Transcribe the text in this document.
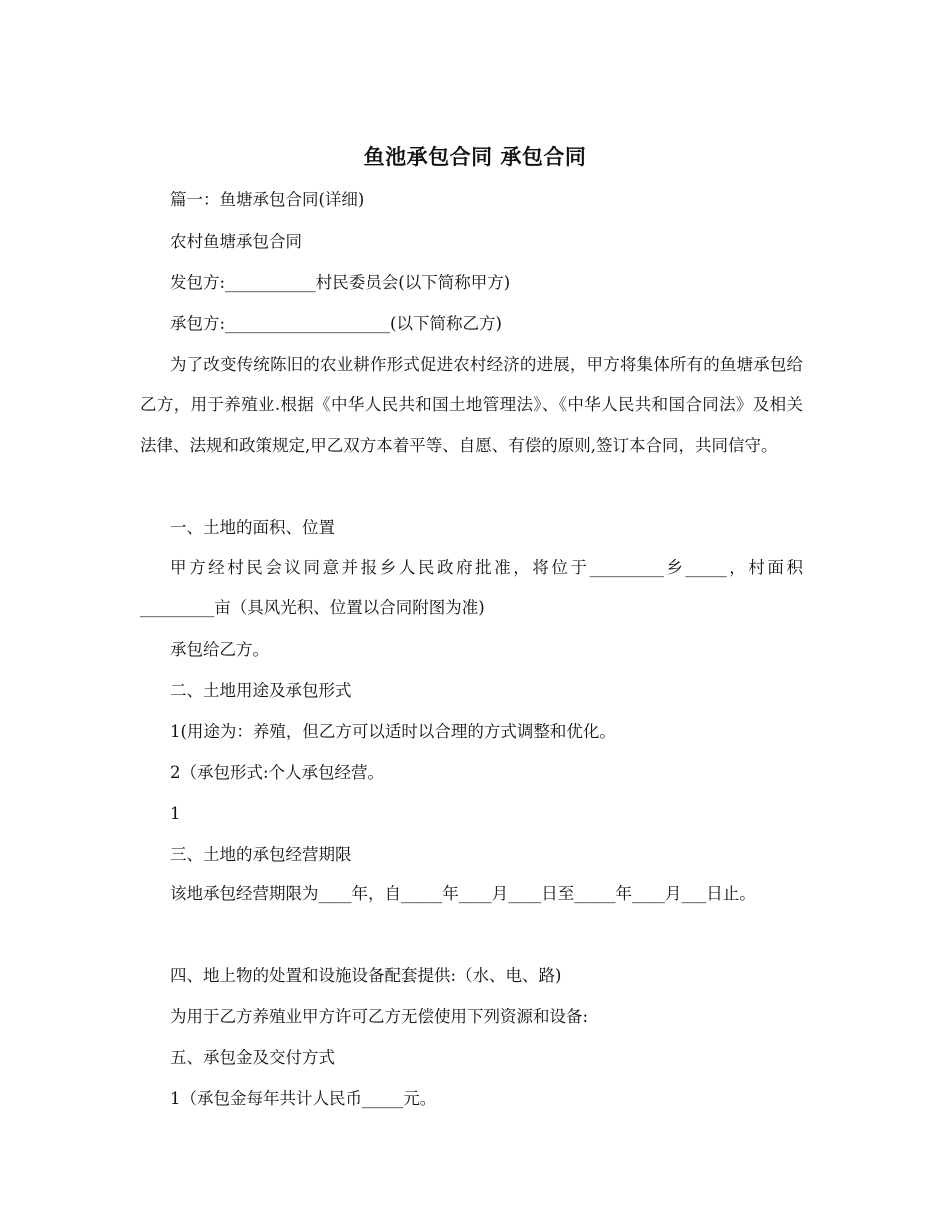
鱼池承包合同 承包合同
篇一：鱼塘承包合同(详细)
农村鱼塘承包合同
发包方:___________村民委员会(以下简称甲方)
承包方:____________________(以下简称乙方)

为了改变传统陈旧的农业耕作形式促进农村经济的进展，甲方将集体所有的鱼塘承包给乙方，用于养殖业.根据《中华人民共和国土地管理法》、《中华人民共和国合同法》及相关法律、法规和政策规定,甲乙双方本着平等、自愿、有偿的原则,签订本合同，共同信守。

一、土地的面积、位置

甲方经村民会议同意并报乡人民政府批准，将位于_________乡_____，村面积_________亩（具风光积、位置以合同附图为准)

承包给乙方。
二、土地用途及承包形式
1(用途为：养殖，但乙方可以适时以合理的方式调整和优化。
2（承包形式:个人承包经营。
1
三、土地的承包经营期限

该地承包经营期限为____年，自_____年____月____日至_____年____月___日止。

四、地上物的处置和设施设备配套提供:（水、电、路)
为用于乙方养殖业甲方许可乙方无偿使用下列资源和设备:
五、承包金及交付方式
1（承包金每年共计人民币_____元。
